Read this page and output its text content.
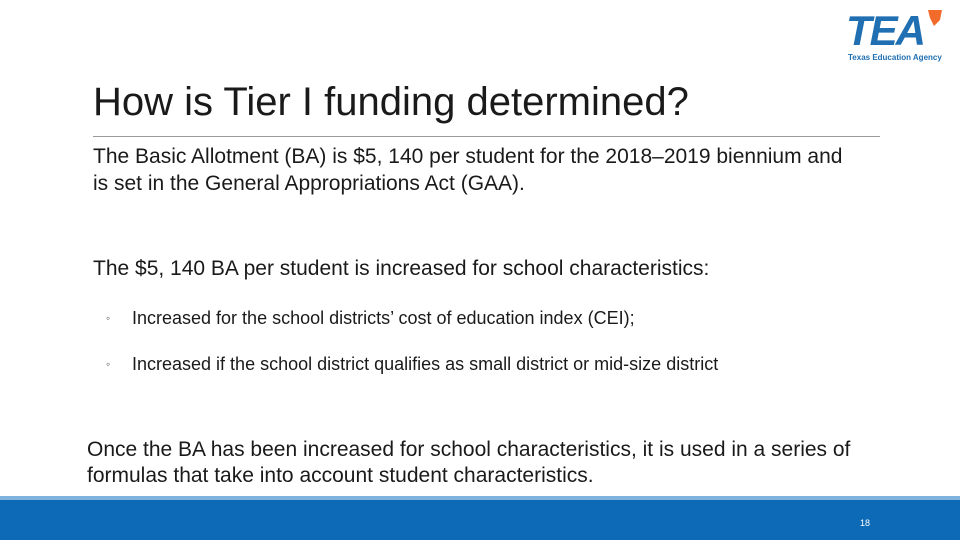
TEA
Texas Education Agency
How is Tier I funding determined?

The Basic Allotment (BA) is $5, 140 per student for the 2018–2019 biennium and is set in the General Appropriations Act (GAA).

The $5, 140 BA per student is increased for school characteristics:

◦ Increased for the school districts’ cost of education index (CEI);
◦ Increased if the school district qualifies as small district or mid-size district

Once the BA has been increased for school characteristics, it is used in a series of formulas that take into account student characteristics.

18
